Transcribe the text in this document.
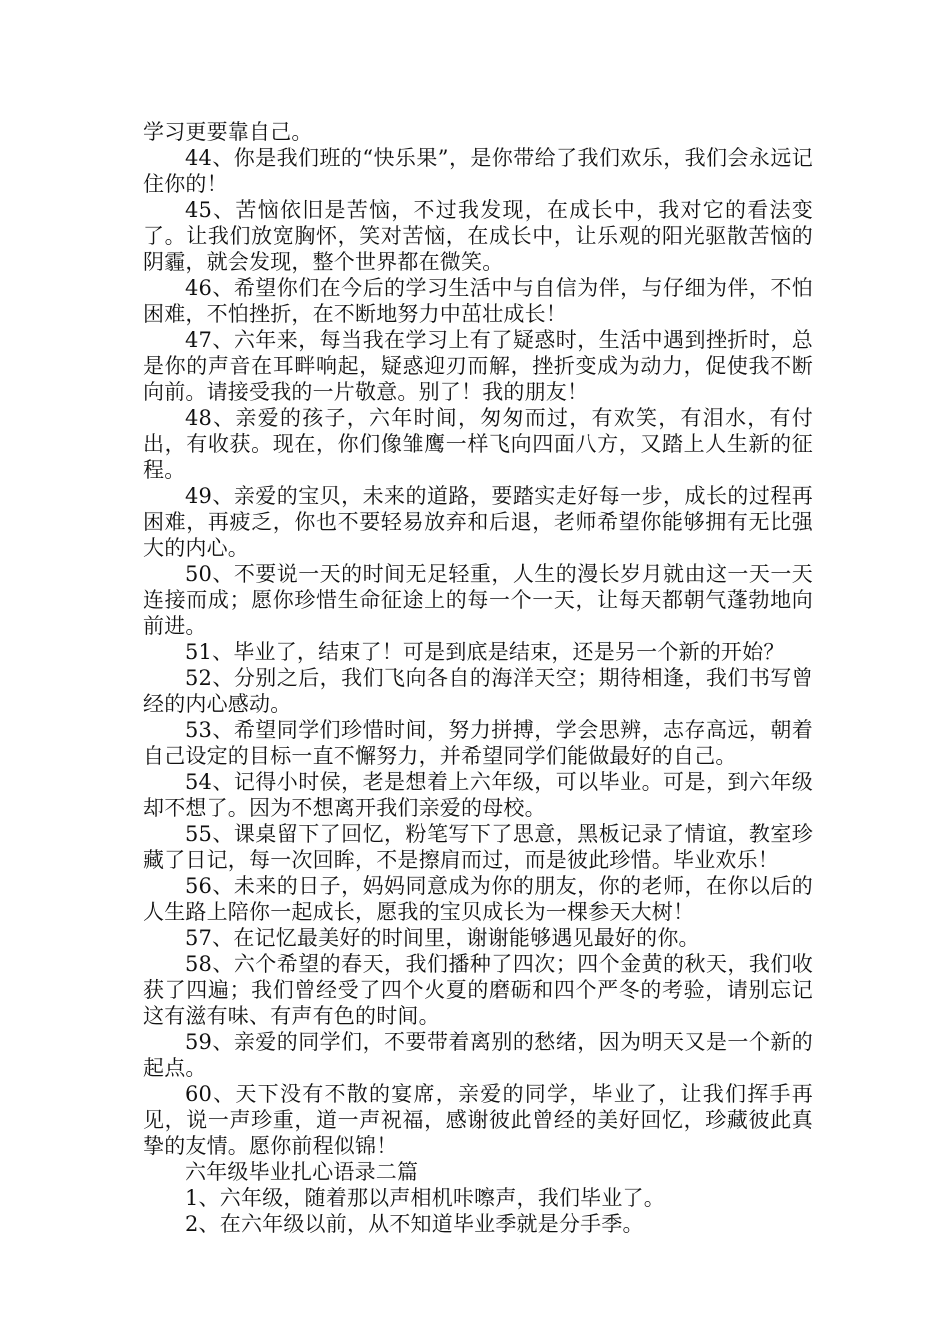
学习更要靠自己。

44、你是我们班的“快乐果”，是你带给了我们欢乐，我们会永远记住你的！

45、苦恼依旧是苦恼，不过我发现，在成长中，我对它的看法变了。让我们放宽胸怀，笑对苦恼，在成长中，让乐观的阳光驱散苦恼的阴霾，就会发现，整个世界都在微笑。

46、希望你们在今后的学习生活中与自信为伴，与仔细为伴，不怕困难，不怕挫折，在不断地努力中茁壮成长！

47、六年来，每当我在学习上有了疑惑时，生活中遇到挫折时，总是你的声音在耳畔响起，疑惑迎刃而解，挫折变成为动力，促使我不断向前。请接受我的一片敬意。别了！我的朋友！

48、亲爱的孩子，六年时间，匆匆而过，有欢笑，有泪水，有付出，有收获。现在，你们像雏鹰一样飞向四面八方，又踏上人生新的征程。

49、亲爱的宝贝，未来的道路，要踏实走好每一步，成长的过程再困难，再疲乏，你也不要轻易放弃和后退，老师希望你能够拥有无比强大的内心。

50、不要说一天的时间无足轻重，人生的漫长岁月就由这一天一天连接而成；愿你珍惜生命征途上的每一个一天，让每天都朝气蓬勃地向前进。

51、毕业了，结束了！可是到底是结束，还是另一个新的开始？

52、分别之后，我们飞向各自的海洋天空；期待相逢，我们书写曾经的内心感动。

53、希望同学们珍惜时间，努力拼搏，学会思辨，志存高远，朝着自己设定的目标一直不懈努力，并希望同学们能做最好的自己。

54、记得小时侯，老是想着上六年级，可以毕业。可是，到六年级却不想了。因为不想离开我们亲爱的母校。

55、课桌留下了回忆，粉笔写下了思意，黑板记录了情谊，教室珍藏了日记，每一次回眸，不是擦肩而过，而是彼此珍惜。毕业欢乐！

56、未来的日子，妈妈同意成为你的朋友，你的老师，在你以后的人生路上陪你一起成长，愿我的宝贝成长为一棵参天大树！

57、在记忆最美好的时间里，谢谢能够遇见最好的你。

58、六个希望的春天，我们播种了四次；四个金黄的秋天，我们收获了四遍；我们曾经受了四个火夏的磨砺和四个严冬的考验，请别忘记这有滋有味、有声有色的时间。

59、亲爱的同学们，不要带着离别的愁绪，因为明天又是一个新的起点。

60、天下没有不散的宴席，亲爱的同学，毕业了，让我们挥手再见，说一声珍重，道一声祝福，感谢彼此曾经的美好回忆，珍藏彼此真挚的友情。愿你前程似锦！

六年级毕业扎心语录二篇

1、六年级，随着那以声相机咔嚓声，我们毕业了。

2、在六年级以前，从不知道毕业季就是分手季。
